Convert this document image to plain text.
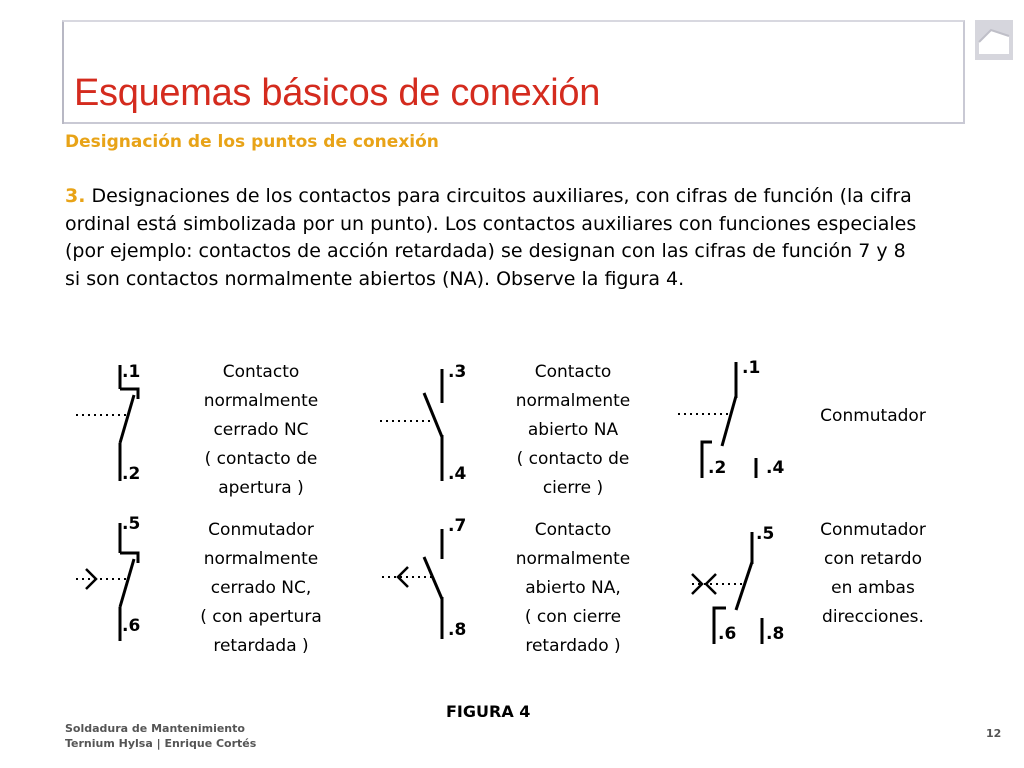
Esquemas básicos de conexión
Designación de los puntos de conexión

3. Designaciones de los contactos para circuitos auxiliares, con cifras de función (la cifra ordinal está simbolizada por un punto). Los contactos auxiliares con funciones especiales (por ejemplo: contactos de acción retardada) se designan con las cifras de función 7 y 8 si son contactos normalmente abiertos (NA). Observe la figura 4.

.1
.2
Contacto
normalmente
cerrado NC
( contacto de
apertura )
.3
.4
Contacto
normalmente
abierto NA
( contacto de
cierre )
.1
.2 .4
Conmutador
.5
.6
Conmutador
normalmente
cerrado NC,
( con apertura
retardada )
.7
.8
Contacto
normalmente
abierto NA,
( con cierre
retardado )
.5
.6 .8
Conmutador
con retardo
en ambas
direcciones.
FIGURA 4
Soldadura de Mantenimiento
Ternium Hylsa | Enrique Cortés
12
